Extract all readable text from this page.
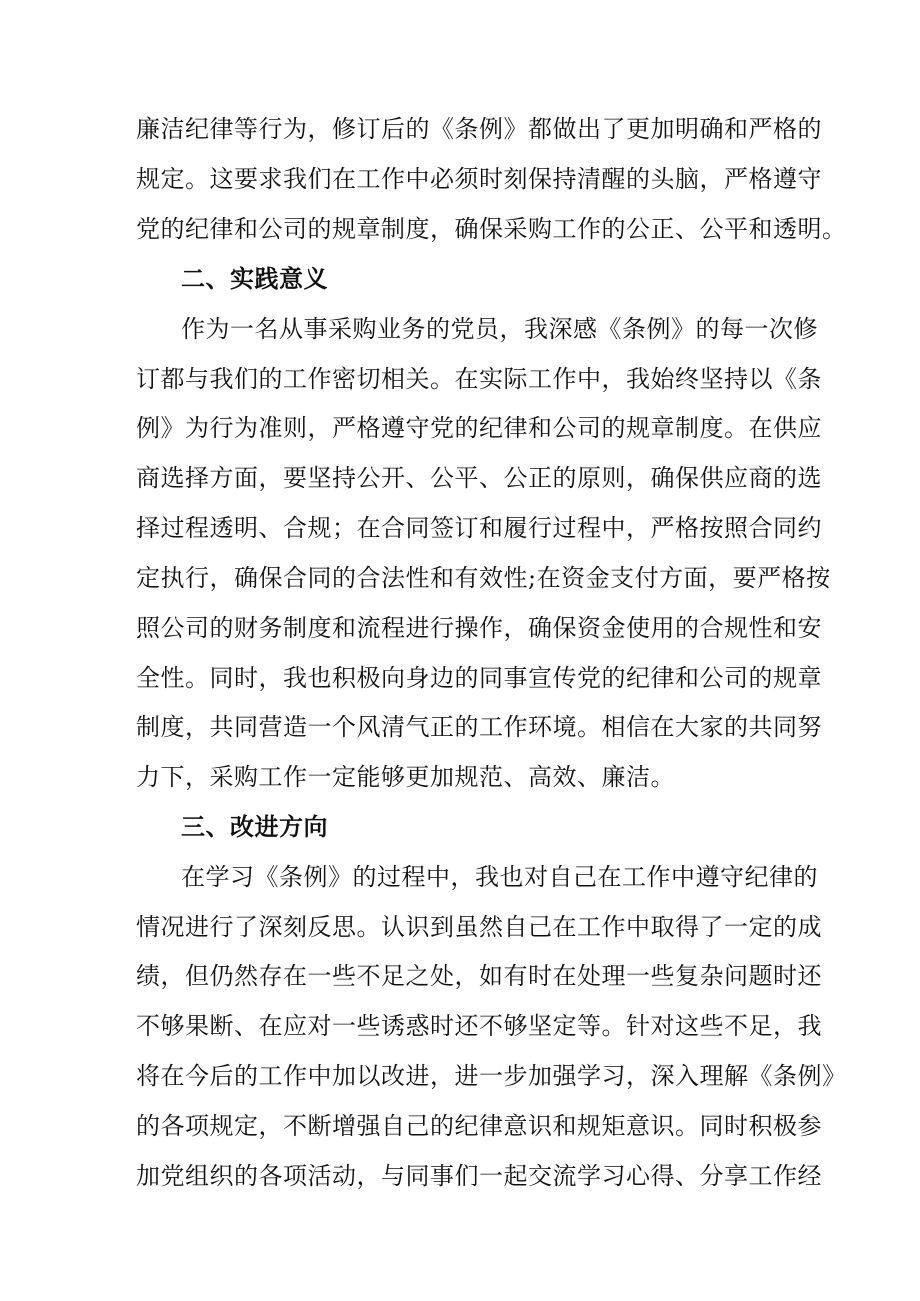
廉洁纪律等行为，修订后的《条例》都做出了更加明确和严格的
规定。这要求我们在工作中必须时刻保持清醒的头脑，严格遵守
党的纪律和公司的规章制度，确保采购工作的公正、公平和透明。
二、实践意义
作为一名从事采购业务的党员，我深感《条例》的每一次修
订都与我们的工作密切相关。在实际工作中，我始终坚持以《条
例》为行为准则，严格遵守党的纪律和公司的规章制度。在供应
商选择方面，要坚持公开、公平、公正的原则，确保供应商的选
择过程透明、合规；在合同签订和履行过程中，严格按照合同约
定执行，确保合同的合法性和有效性;在资金支付方面，要严格按
照公司的财务制度和流程进行操作，确保资金使用的合规性和安
全性。同时，我也积极向身边的同事宣传党的纪律和公司的规章
制度，共同营造一个风清气正的工作环境。相信在大家的共同努
力下，采购工作一定能够更加规范、高效、廉洁。
三、改进方向
在学习《条例》的过程中，我也对自己在工作中遵守纪律的
情况进行了深刻反思。认识到虽然自己在工作中取得了一定的成
绩，但仍然存在一些不足之处，如有时在处理一些复杂问题时还
不够果断、在应对一些诱惑时还不够坚定等。针对这些不足，我
将在今后的工作中加以改进，进一步加强学习，深入理解《条例》
的各项规定，不断增强自己的纪律意识和规矩意识。同时积极参
加党组织的各项活动，与同事们一起交流学习心得、分享工作经
